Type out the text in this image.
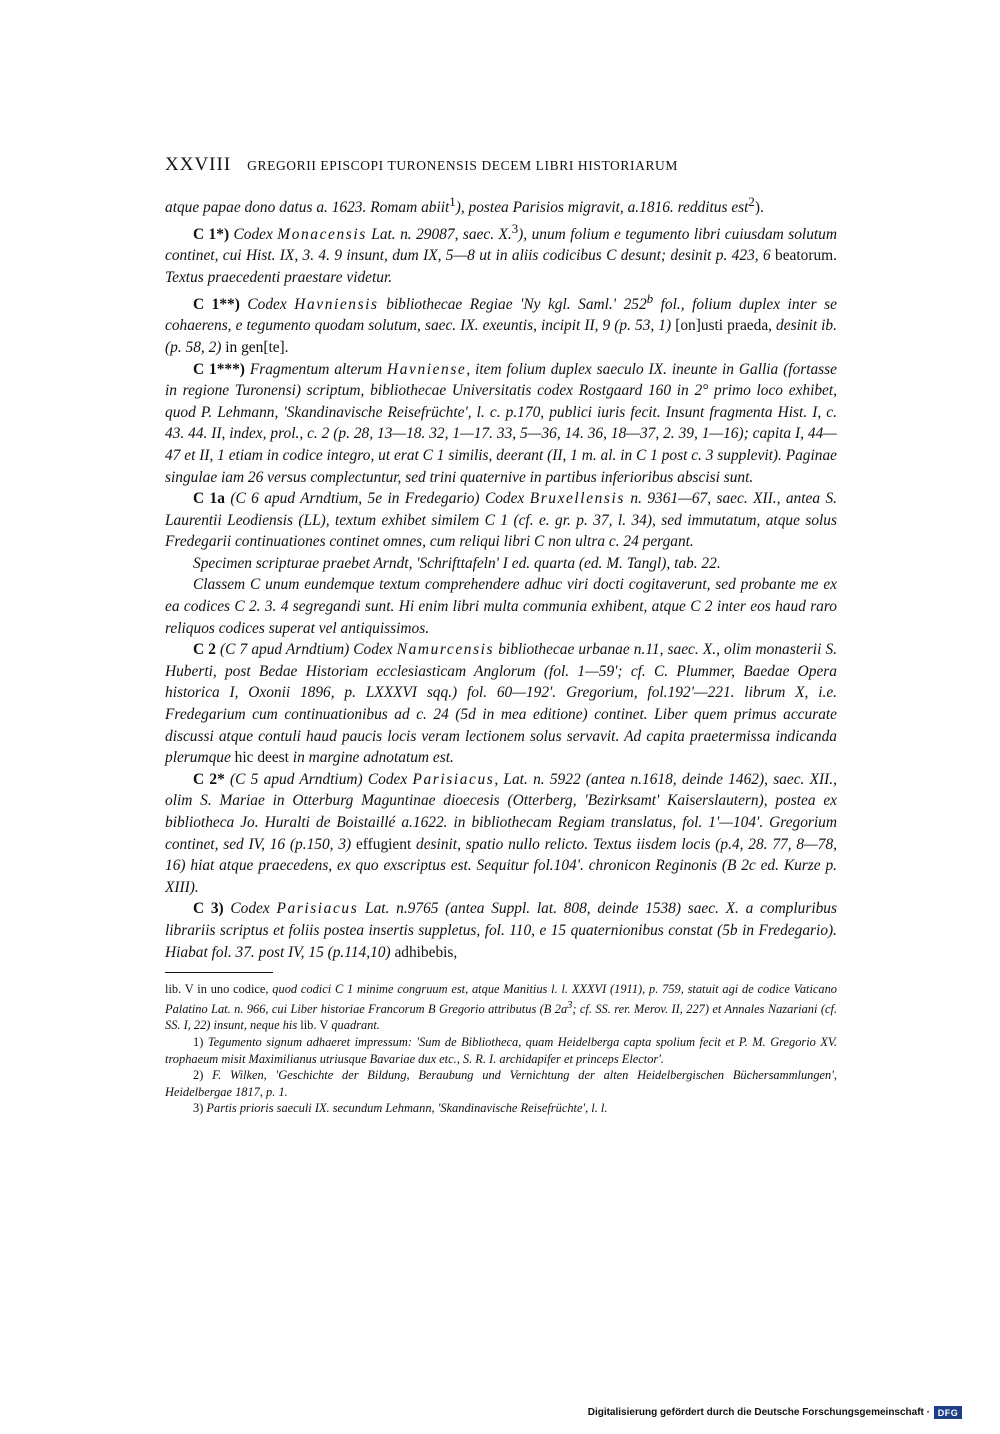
XXVIII GREGORII EPISCOPI TURONENSIS DECEM LIBRI HISTORIARUM

atque papae dono datus a. 1623. Romam abiit$^1$), postea Parisios migravit, a.1816. redditus est$^2$).

C 1*) Codex Monacensis Lat. n. 29087, saec. X.$^3$), unum folium e tegumento libri cuiusdam solutum continet, cui Hist. IX, 3. 4. 9 insunt, dum IX, 5—8 ut in aliis codicibus C desunt; desinit p. 423, 6 beatorum. Textus praecedenti praestare videtur.

C 1**) Codex Havniensis bibliothecae Regiae 'Ny kgl. Saml.' 252$^b$ fol., folium duplex inter se cohaerens, e tegumento quodam solutum, saec. IX. exeuntis, incipit II, 9 (p. 53, 1) [on]usti praeda, desinit ib. (p. 58, 2) in gen[te].

C 1***) Fragmentum alterum Havniense, item folium duplex saeculo IX. ineunte in Gallia (fortasse in regione Turonensi) scriptum, bibliothecae Universitatis codex Rostgaard 160 in 2° primo loco exhibet, quod P. Lehmann, 'Skandinavische Reisefrüchte', l. c. p.170, publici iuris fecit. Insunt fragmenta Hist. I, c. 43. 44. II, index, prol., c. 2 (p. 28, 13—18. 32, 1—17. 33, 5—36, 14. 36, 18—37, 2. 39, 1—16); capita I, 44—47 et II, 1 etiam in codice integro, ut erat C 1 similis, deerant (II, 1 m. al. in C 1 post c. 3 supplevit). Paginae singulae iam 26 versus complectuntur, sed trini quaternive in partibus inferioribus abscisi sunt.

C 1a (C 6 apud Arndtium, 5e in Fredegario) Codex Bruxellensis n. 9361—67, saec. XII., antea S. Laurentii Leodiensis (LL), textum exhibet similem C 1 (cf. e. gr. p. 37, l. 34), sed immutatum, atque solus Fredegarii continuationes continet omnes, cum reliqui libri C non ultra c. 24 pergant.

Specimen scripturae praebet Arndt, 'Schrifttafeln' I ed. quarta (ed. M. Tangl), tab. 22.

Classem C unum eundemque textum comprehendere adhuc viri docti cogitaverunt, sed probante me ex ea codices C 2. 3. 4 segregandi sunt. Hi enim libri multa communia exhibent, atque C 2 inter eos haud raro reliquos codices superat vel antiquissimos.

C 2 (C 7 apud Arndtium) Codex Namurcensis bibliothecae urbanae n.11, saec. X., olim monasterii S. Huberti, post Bedae Historiam ecclesiasticam Anglorum (fol. 1—59'; cf. C. Plummer, Baedae Opera historica I, Oxonii 1896, p. LXXXVI sqq.) fol. 60—192'. Gregorium, fol.192'—221. librum X, i.e. Fredegarium cum continuationibus ad c. 24 (5d in mea editione) continet. Liber quem primus accurate discussi atque contuli haud paucis locis veram lectionem solus servavit. Ad capita praetermissa indicanda plerumque hic deest in margine adnotatum est.

C 2* (C 5 apud Arndtium) Codex Parisiacus, Lat. n. 5922 (antea n.1618, deinde 1462), saec. XII., olim S. Mariae in Otterburg Maguntinae dioecesis (Otterberg, 'Bezirksamt' Kaiserslautern), postea ex bibliotheca Jo. Huralti de Boistaillé a.1622. in bibliothecam Regiam translatus, fol. 1'—104'. Gregorium continet, sed IV, 16 (p.150, 3) effugient desinit, spatio nullo relicto. Textus iisdem locis (p.4, 28. 77, 8—78, 16) hiat atque praecedens, ex quo exscriptus est. Sequitur fol.104'. chronicon Reginonis (B 2c ed. Kurze p. XIII).

C 3) Codex Parisiacus Lat. n.9765 (antea Suppl. lat. 808, deinde 1538) saec. X. a compluribus librariis scriptus et foliis postea insertis suppletus, fol. 110, e 15 quaternionibus constat (5b in Fredegario). Hiabat fol. 37. post IV, 15 (p.114,10) adhibebis,

lib. V in uno codice, quod codici C 1 minime congruum est, atque Manitius l. l. XXXVI (1911), p. 759, statuit agi de codice Vaticano Palatino Lat. n. 966, cui Liber historiae Francorum B Gregorio attributus (B $2a^3$; cf. SS. rer. Merov. II, 227) et Annales Nazariani (cf. SS. I, 22) insunt, neque his lib. V quadrant.

1) Tegumento signum adhaeret impressum: 'Sum de Bibliotheca, quam Heidelberga capta spolium fecit et P. M. Gregorio XV. trophaeum misit Maximilianus utriusque Bavariae dux etc., S. R. I. archidapifer et princeps Elector'.

2) F. Wilken, 'Geschichte der Bildung, Beraubung und Vernichtung der alten Heidelbergischen Büchersammlungen', Heidelbergae 1817, p. 1.

3) Partis prioris saeculi IX. secundum Lehmann, 'Skandinavische Reisefrüchte', l. l.

Digitalisierung gefördert durch die Deutsche Forschungsgemeinschaft · DFG
